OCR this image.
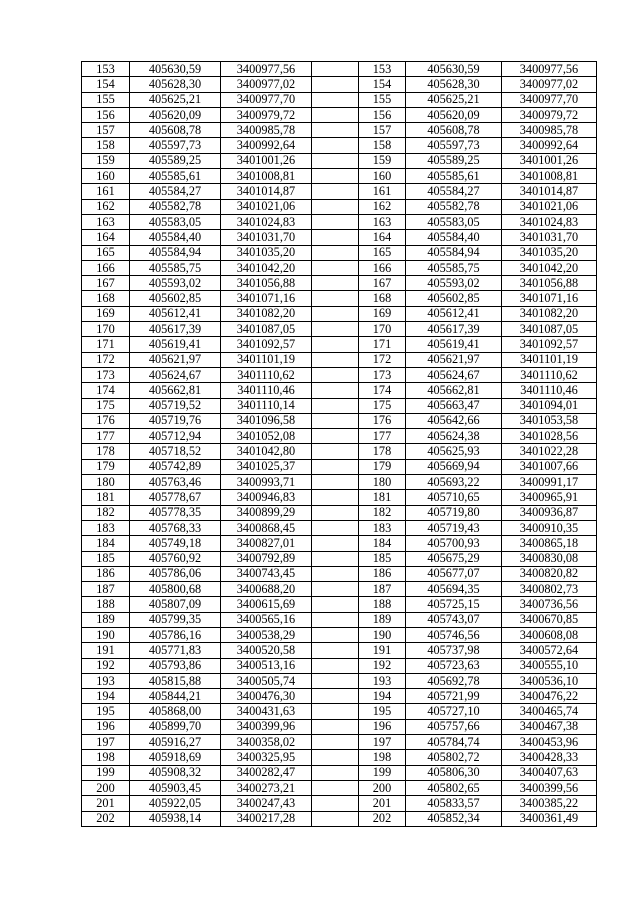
153	405630,59	3400977,56		153	405630,59	3400977,56
154	405628,30	3400977,02		154	405628,30	3400977,02
155	405625,21	3400977,70		155	405625,21	3400977,70
156	405620,09	3400979,72		156	405620,09	3400979,72
157	405608,78	3400985,78		157	405608,78	3400985,78
158	405597,73	3400992,64		158	405597,73	3400992,64
159	405589,25	3401001,26		159	405589,25	3401001,26
160	405585,61	3401008,81		160	405585,61	3401008,81
161	405584,27	3401014,87		161	405584,27	3401014,87
162	405582,78	3401021,06		162	405582,78	3401021,06
163	405583,05	3401024,83		163	405583,05	3401024,83
164	405584,40	3401031,70		164	405584,40	3401031,70
165	405584,94	3401035,20		165	405584,94	3401035,20
166	405585,75	3401042,20		166	405585,75	3401042,20
167	405593,02	3401056,88		167	405593,02	3401056,88
168	405602,85	3401071,16		168	405602,85	3401071,16
169	405612,41	3401082,20		169	405612,41	3401082,20
170	405617,39	3401087,05		170	405617,39	3401087,05
171	405619,41	3401092,57		171	405619,41	3401092,57
172	405621,97	3401101,19		172	405621,97	3401101,19
173	405624,67	3401110,62		173	405624,67	3401110,62
174	405662,81	3401110,46		174	405662,81	3401110,46
175	405719,52	3401110,14		175	405663,47	3401094,01
176	405719,76	3401096,58		176	405642,66	3401053,58
177	405712,94	3401052,08		177	405624,38	3401028,56
178	405718,52	3401042,80		178	405625,93	3401022,28
179	405742,89	3401025,37		179	405669,94	3401007,66
180	405763,46	3400993,71		180	405693,22	3400991,17
181	405778,67	3400946,83		181	405710,65	3400965,91
182	405778,35	3400899,29		182	405719,80	3400936,87
183	405768,33	3400868,45		183	405719,43	3400910,35
184	405749,18	3400827,01		184	405700,93	3400865,18
185	405760,92	3400792,89		185	405675,29	3400830,08
186	405786,06	3400743,45		186	405677,07	3400820,82
187	405800,68	3400688,20		187	405694,35	3400802,73
188	405807,09	3400615,69		188	405725,15	3400736,56
189	405799,35	3400565,16		189	405743,07	3400670,85
190	405786,16	3400538,29		190	405746,56	3400608,08
191	405771,83	3400520,58		191	405737,98	3400572,64
192	405793,86	3400513,16		192	405723,63	3400555,10
193	405815,88	3400505,74		193	405692,78	3400536,10
194	405844,21	3400476,30		194	405721,99	3400476,22
195	405868,00	3400431,63		195	405727,10	3400465,74
196	405899,70	3400399,96		196	405757,66	3400467,38
197	405916,27	3400358,02		197	405784,74	3400453,96
198	405918,69	3400325,95		198	405802,72	3400428,33
199	405908,32	3400282,47		199	405806,30	3400407,63
200	405903,45	3400273,21		200	405802,65	3400399,56
201	405922,05	3400247,43		201	405833,57	3400385,22
202	405938,14	3400217,28		202	405852,34	3400361,49
